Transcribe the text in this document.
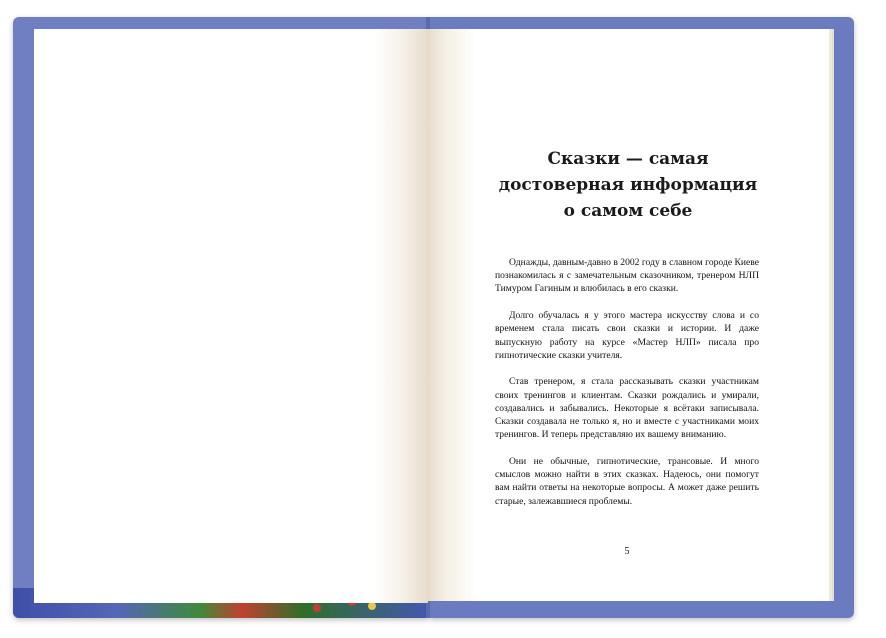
Сказки — самая
достоверная информация
о самом себе

Однажды, давным-давно в 2002 году в славном городе Киеве познакомилась я с замечательным сказочником, тренером НЛП Тимуром Гагиным и влюбилась в его сказки.

Долго обучалась я у этого мастера искусству слова и со временем стала писать свои сказки и истории. И даже выпускную работу на курсе «Мастер НЛП» писала про гипнотические сказки учителя.

Став тренером, я стала рассказывать сказки участникам своих тренингов и клиентам. Сказки рождались и умирали, создавались и забывались. Некоторые я всётаки записывала. Сказки создавала не только я, но и вместе с участниками моих тренингов. И теперь представляю их вашему вниманию.

Они не обычные, гипнотические, трансовые. И много смыслов можно найти в этих сказках. Надеюсь, они помогут вам найти ответы на некоторые вопросы. А может даже решить старые, залежавшиеся проблемы.

5
